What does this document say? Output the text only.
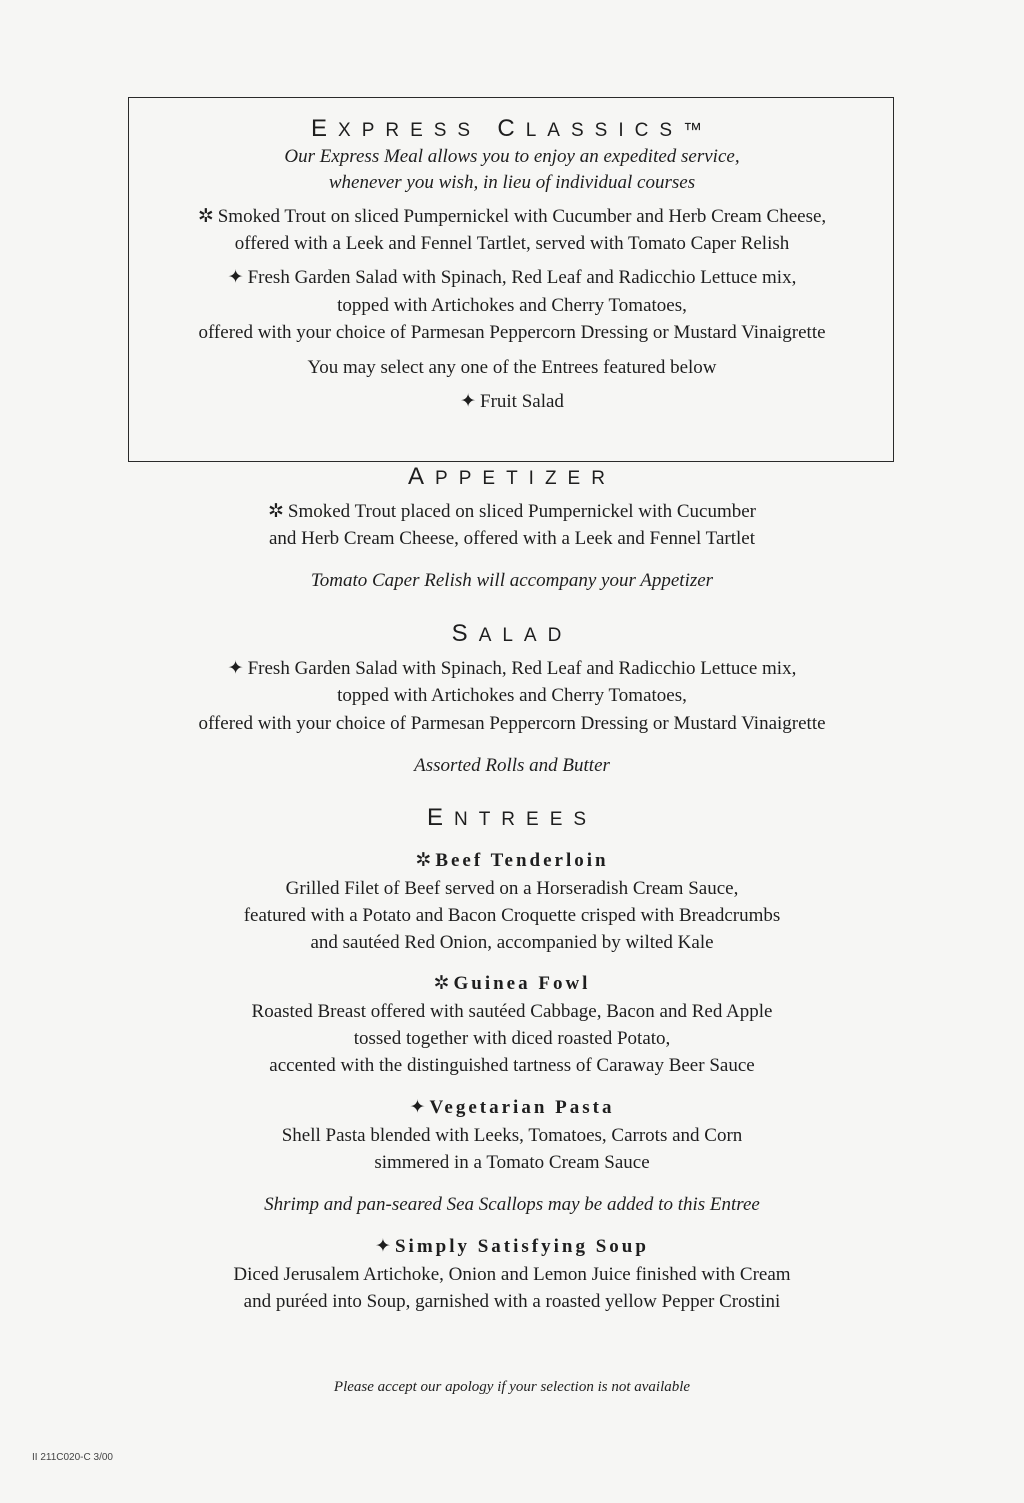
EXPRESS CLASSICS™
Our Express Meal allows you to enjoy an expedited service,
whenever you wish, in lieu of individual courses
✲ Smoked Trout on sliced Pumpernickel with Cucumber and Herb Cream Cheese,
offered with a Leek and Fennel Tartlet, served with Tomato Caper Relish
✦ Fresh Garden Salad with Spinach, Red Leaf and Radicchio Lettuce mix,
topped with Artichokes and Cherry Tomatoes,
offered with your choice of Parmesan Peppercorn Dressing or Mustard Vinaigrette
You may select any one of the Entrees featured below
✦ Fruit Salad
APPETIZER
✲ Smoked Trout placed on sliced Pumpernickel with Cucumber
and Herb Cream Cheese, offered with a Leek and Fennel Tartlet
Tomato Caper Relish will accompany your Appetizer
SALAD
✦ Fresh Garden Salad with Spinach, Red Leaf and Radicchio Lettuce mix,
topped with Artichokes and Cherry Tomatoes,
offered with your choice of Parmesan Peppercorn Dressing or Mustard Vinaigrette
Assorted Rolls and Butter
ENTREES
✲ Beef Tenderloin
Grilled Filet of Beef served on a Horseradish Cream Sauce,
featured with a Potato and Bacon Croquette crisped with Breadcrumbs
and sautéed Red Onion, accompanied by wilted Kale
✲ Guinea Fowl
Roasted Breast offered with sautéed Cabbage, Bacon and Red Apple
tossed together with diced roasted Potato,
accented with the distinguished tartness of Caraway Beer Sauce
✦ Vegetarian Pasta
Shell Pasta blended with Leeks, Tomatoes, Carrots and Corn
simmered in a Tomato Cream Sauce
Shrimp and pan-seared Sea Scallops may be added to this Entree
✦ Simply Satisfying Soup
Diced Jerusalem Artichoke, Onion and Lemon Juice finished with Cream
and puréed into Soup, garnished with a roasted yellow Pepper Crostini
Please accept our apology if your selection is not available
II 211C020-C 3/00
